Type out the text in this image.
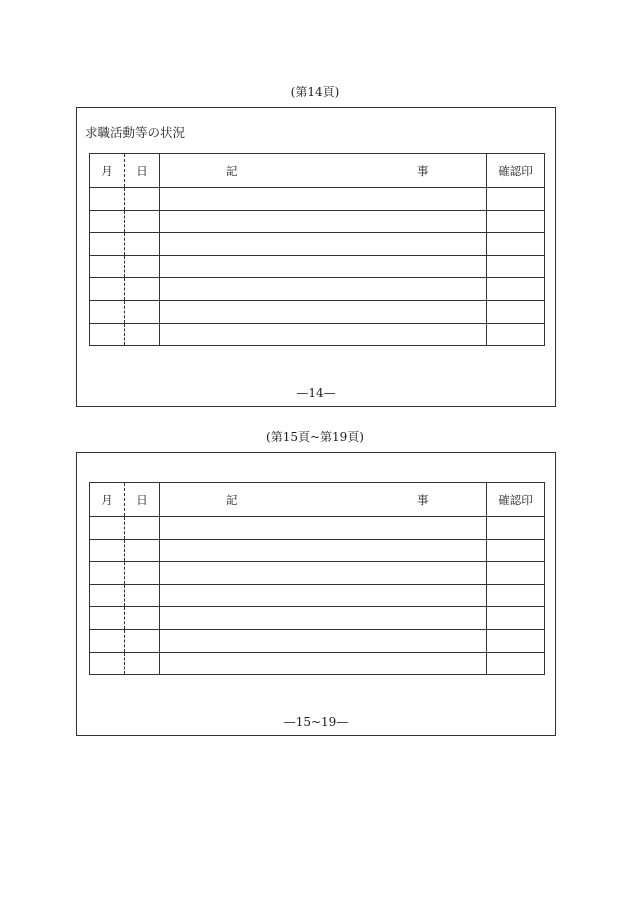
(第14頁)
求職活動等の状況
月	日	記 事	確認印

—14—
(第15頁~第19頁)
月	日	記 事	確認印

—15~19—
